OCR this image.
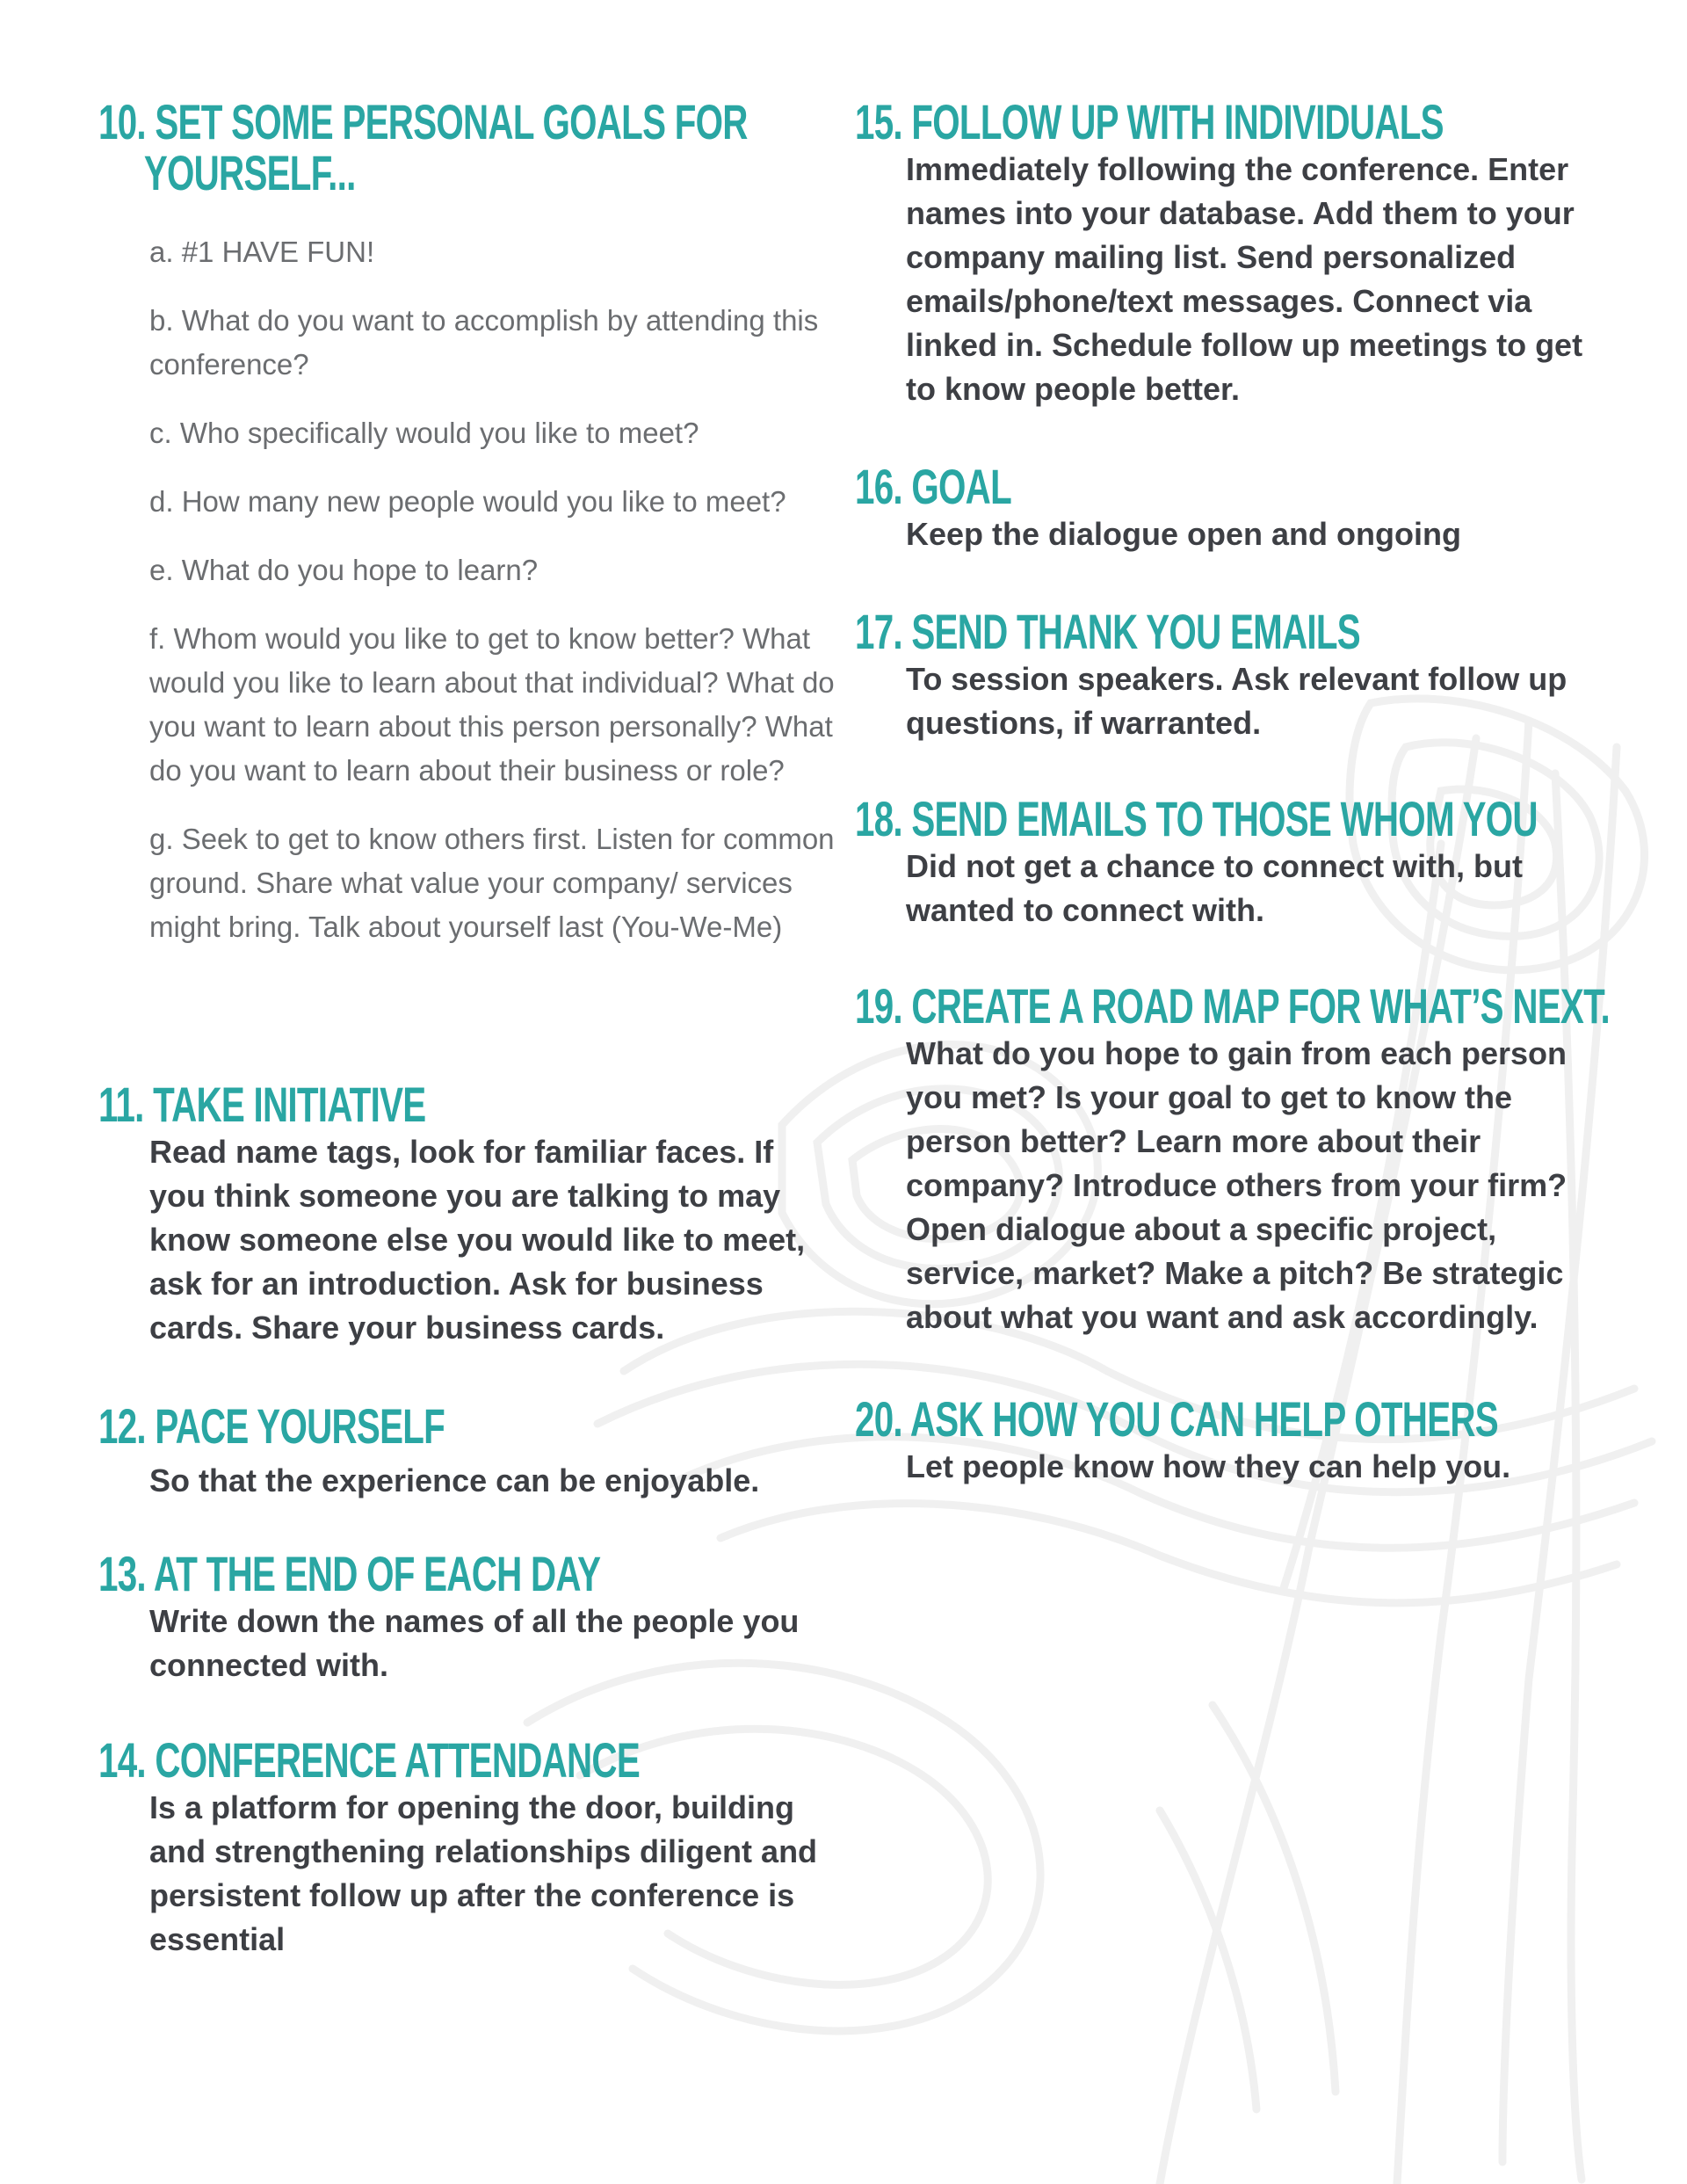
10. SET SOME PERSONAL GOALS FOR
YOURSELF...

a. #1 HAVE FUN!

b. What do you want to accomplish by attending this conference?

c. Who specifically would you like to meet?

d. How many new people would you like to meet?

e. What do you hope to learn?

f. Whom would you like to get to know better? What would you like to learn about that individual? What do you want to learn about this person personally? What do you want to learn about their business or role?

g. Seek to get to know others first. Listen for common ground. Share what value your company/ services might bring. Talk about yourself last (You-We-Me)

11. TAKE INITIATIVE

Read name tags, look for familiar faces. If you think someone you are talking to may know someone else you would like to meet, ask for an introduction. Ask for business cards. Share your business cards.

12. PACE YOURSELF

So that the experience can be enjoyable.

13. AT THE END OF EACH DAY

Write down the names of all the people you connected with.

14. CONFERENCE ATTENDANCE

Is a platform for opening the door, building and strengthening relationships diligent and persistent follow up after the conference is essential

15. FOLLOW UP WITH INDIVIDUALS

Immediately following the conference. Enter names into your database. Add them to your company mailing list. Send personalized emails/phone/text messages. Connect via linked in. Schedule follow up meetings to get to know people better.

16. GOAL

Keep the dialogue open and ongoing

17. SEND THANK YOU EMAILS

To session speakers. Ask relevant follow up questions, if warranted.

18. SEND EMAILS TO THOSE WHOM YOU

Did not get a chance to connect with, but wanted to connect with.

19. CREATE A ROAD MAP FOR WHAT’S NEXT.

What do you hope to gain from each person you met? Is your goal to get to know the person better? Learn more about their company? Introduce others from your firm? Open dialogue about a specific project, service, market? Make a pitch? Be strategic about what you want and ask accordingly.

20. ASK HOW YOU CAN HELP OTHERS

Let people know how they can help you.
